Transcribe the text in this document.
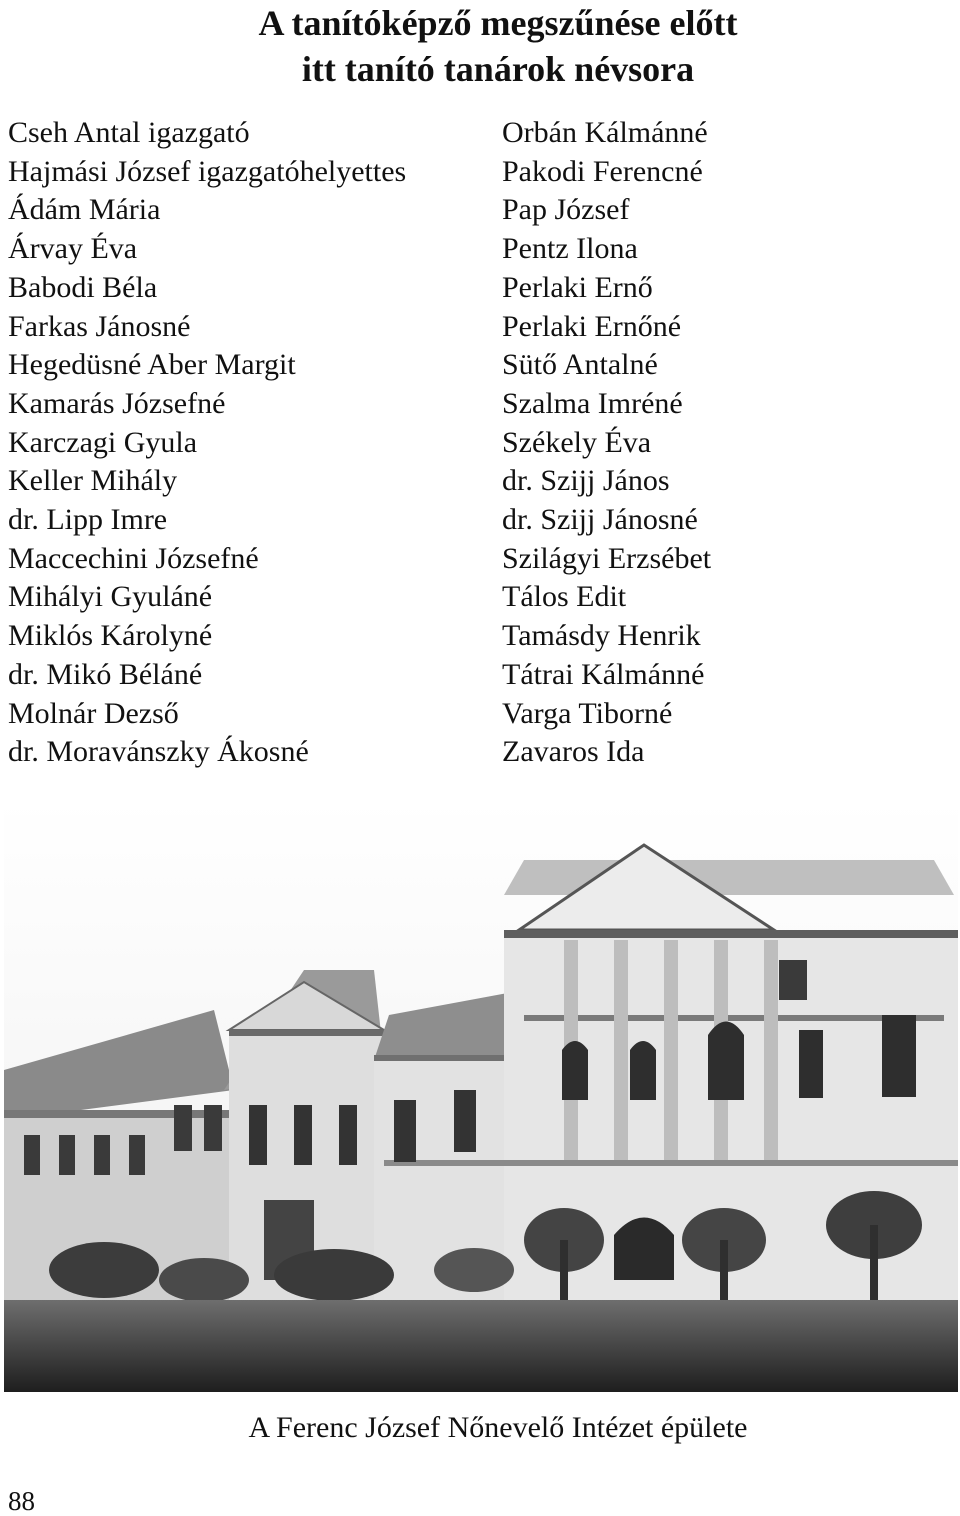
A tanítóképző megszűnése előtt
itt tanító tanárok névsora
Cseh Antal igazgató
Hajmási József igazgatóhelyettes
Ádám Mária
Árvay Éva
Babodi Béla
Farkas Jánosné
Hegedüsné Aber Margit
Kamarás Józsefné
Karczagi Gyula
Keller Mihály
dr. Lipp Imre
Maccechini Józsefné
Mihályi Gyuláné
Miklós Károlyné
dr. Mikó Béláné
Molnár Dezső
dr. Moravánszky Ákosné
Orbán Kálmánné
Pakodi Ferencné
Pap József
Pentz Ilona
Perlaki Ernő
Perlaki Ernőné
Sütő Antalné
Szalma Imréné
Székely Éva
dr. Szijj János
dr. Szijj Jánosné
Szilágyi Erzsébet
Tálos Edit
Tamásdy Henrik
Tátrai Kálmánné
Varga Tiborné
Zavaros Ida
A Ferenc József Nőnevelő Intézet épülete
88
